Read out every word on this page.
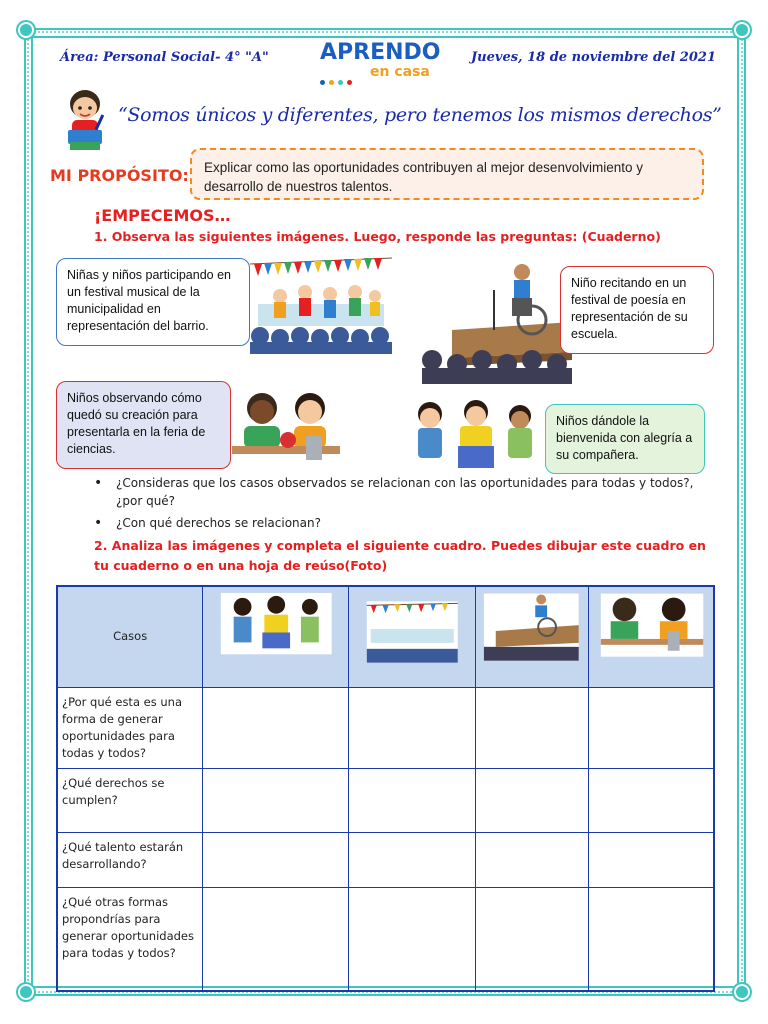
Área: Personal Social- 4° "A" APRENDO
en casa
Jueves, 18 de noviembre del 2021
“Somos únicos y diferentes, pero tenemos los mismos derechos”
MI PROPÓSITO:	Explicar como las oportunidades contribuyen al mejor desenvolvimiento y desarrollo de nuestros talentos.
¡EMPECEMOS…
1. Observa las siguientes imágenes. Luego, responde las preguntas: (Cuaderno)
Niñas y niños participando en un festival musical de la municipalidad en representación del barrio.
Niño recitando en un festival de poesía en representación de su escuela.
Niños observando cómo quedó su creación para presentarla en la feria de ciencias.
Niños dándole la bienvenida con alegría a su compañera.
• ¿Consideras que los casos observados se relacionan con las oportunidades para todas y todos?, ¿por qué?
• ¿Con qué derechos se relacionan?
2. Analiza las imágenes y completa el siguiente cuadro. Puedes dibujar este cuadro en tu cuaderno o en una hoja de reúso(Foto)
Casos				
¿Por qué esta es una forma de generar oportunidades para todas y todos?				
¿Qué derechos se cumplen?				
¿Qué talento estarán desarrollando?				
¿Qué otras formas propondrías para generar oportunidades para todas y todos?				
